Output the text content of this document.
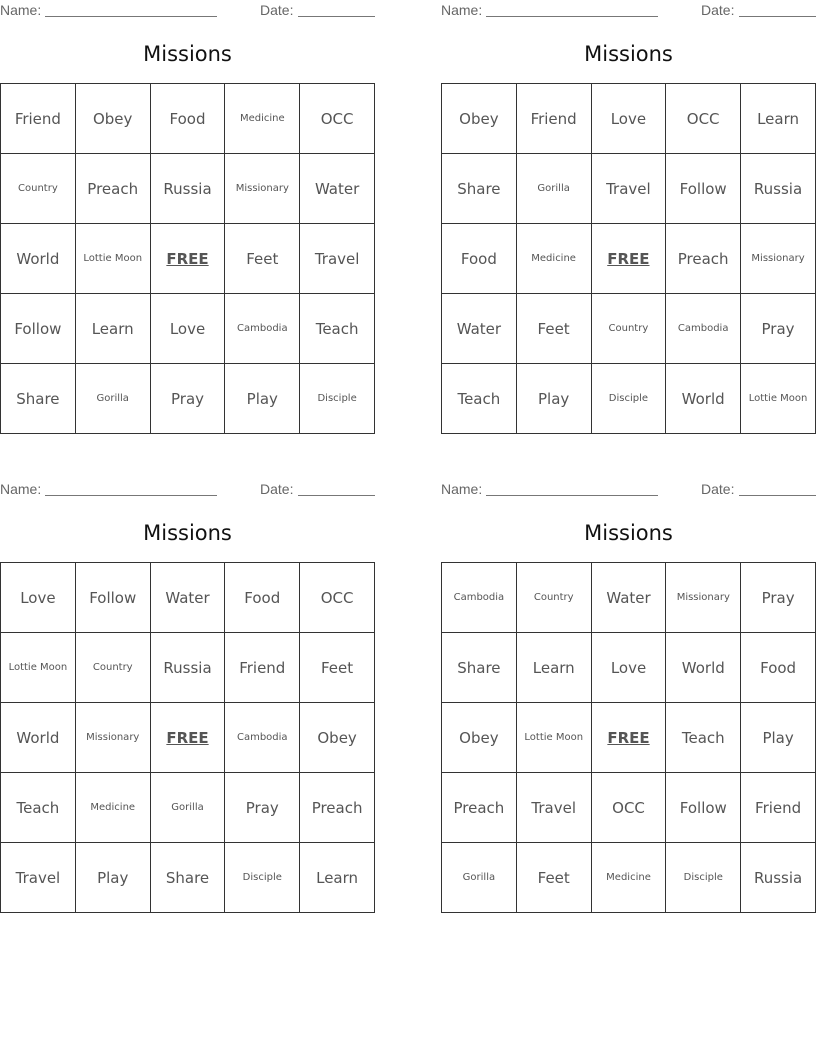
Name:	Date:
Missions
Friend	Obey	Food	Medicine	OCC
Country	Preach	Russia	Missionary	Water
World	Lottie Moon	FREE	Feet	Travel
Follow	Learn	Love	Cambodia	Teach
Share	Gorilla	Pray	Play	Disciple
Name:	Date:
Missions
Obey	Friend	Love	OCC	Learn
Share	Gorilla	Travel	Follow	Russia
Food	Medicine	FREE	Preach	Missionary
Water	Feet	Country	Cambodia	Pray
Teach	Play	Disciple	World	Lottie Moon
Name:	Date:
Missions
Love	Follow	Water	Food	OCC
Lottie Moon	Country	Russia	Friend	Feet
World	Missionary	FREE	Cambodia	Obey
Teach	Medicine	Gorilla	Pray	Preach
Travel	Play	Share	Disciple	Learn
Name:	Date:
Missions
Cambodia	Country	Water	Missionary	Pray
Share	Learn	Love	World	Food
Obey	Lottie Moon	FREE	Teach	Play
Preach	Travel	OCC	Follow	Friend
Gorilla	Feet	Medicine	Disciple	Russia
